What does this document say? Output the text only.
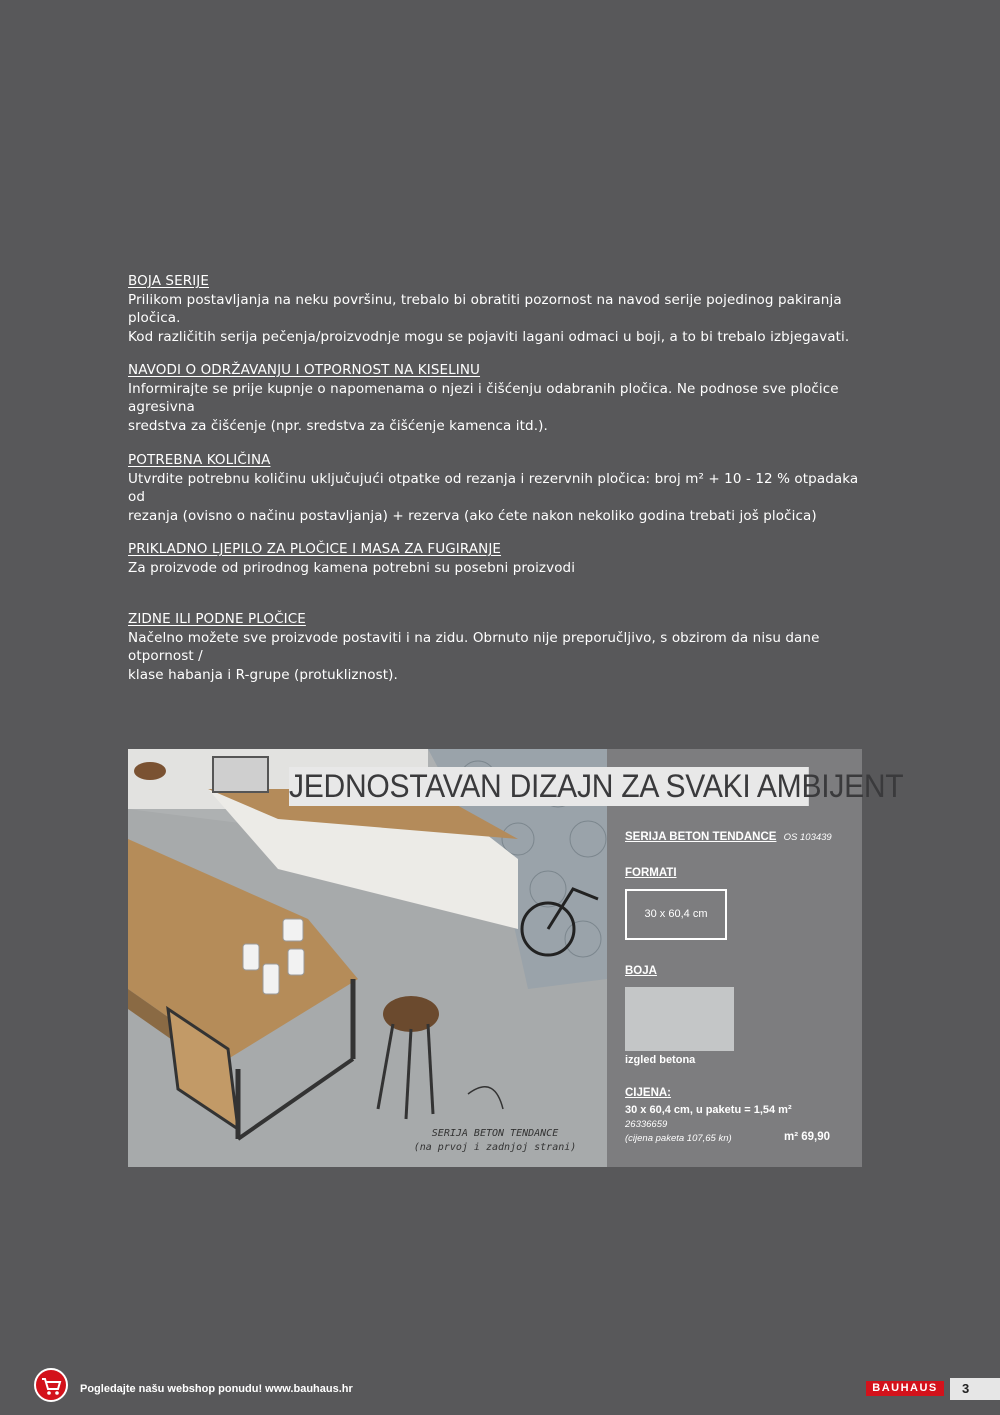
BOJA SERIJE

Prilikom postavljanja na neku površinu, trebalo bi obratiti pozornost na navod serije pojedinog pakiranja pločica.

Kod različitih serija pečenja/proizvodnje mogu se pojaviti lagani odmaci u boji, a to bi trebalo izbjegavati.

NAVODI O ODRŽAVANJU I OTPORNOST NA KISELINU

Informirajte se prije kupnje o napomenama o njezi i čišćenju odabranih pločica. Ne podnose sve pločice agresivna

sredstva za čišćenje (npr. sredstva za čišćenje kamenca itd.).

POTREBNA KOLIČINA

Utvrdite potrebnu količinu uključujući otpatke od rezanja i rezervnih pločica: broj m² + 10 - 12 % otpadaka od

rezanja (ovisno o načinu postavljanja) + rezerva (ako ćete nakon nekoliko godina trebati još pločica)

PRIKLADNO LJEPILO ZA PLOČICE I MASA ZA FUGIRANJE

Za proizvode od prirodnog kamena potrebni su posebni proizvodi

ZIDNE ILI PODNE PLOČICE

Načelno možete sve proizvode postaviti i na zidu. Obrnuto nije preporučljivo, s obzirom da nisu dane otpornost /

klase habanja i R-grupe (protukliznost).

SERIJA BETON TENDANCE
(na prvoj i zadnjoj strani)
JEDNOSTAVAN DIZAJN ZA SVAKI AMBIJENT
SERIJA BETON TENDANCE OS 103439
FORMATI
30 x 60,4 cm
BOJA
izgled betona
CIJENA:
30 x 60,4 cm, u paketu = 1,54 m²
26336659
(cijena paketa 107,65 kn)	m² 69,90
Pogledajte našu webshop ponudu! www.bauhaus.hr	BAUHAUS	3
